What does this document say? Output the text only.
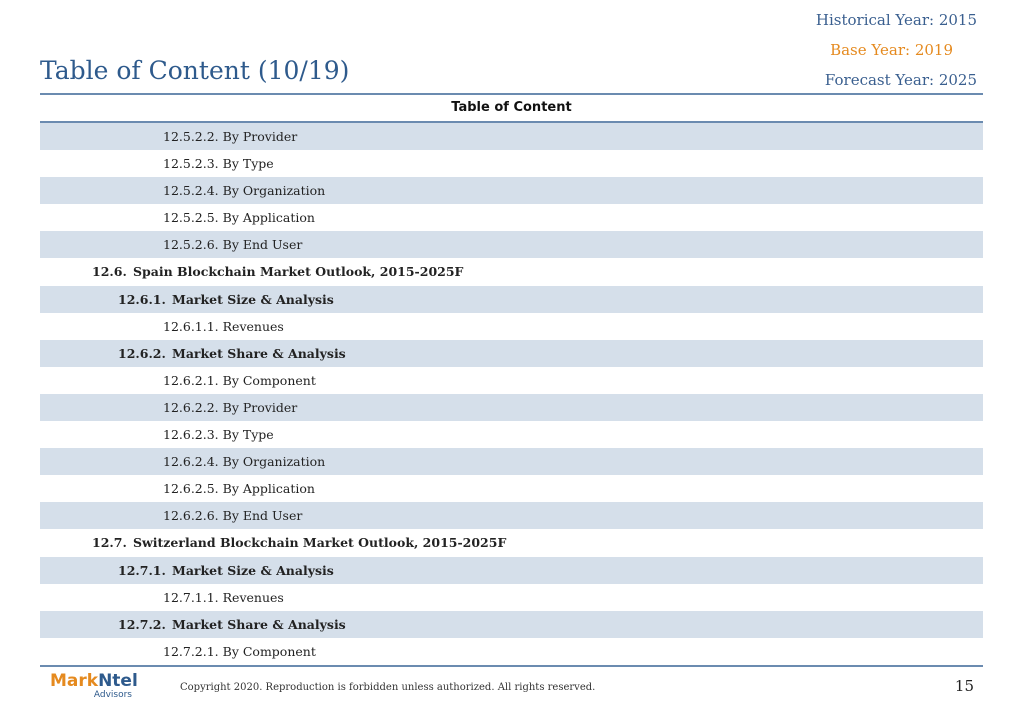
Historical Year: 2015
Base Year: 2019
Forecast Year: 2025
Table of Content (10/19)
Table of Content
12.5.2.2. By Provider
12.5.2.3. By Type
12.5.2.4. By Organization
12.5.2.5. By Application
12.5.2.6. By End User
12.6. Spain Blockchain Market Outlook, 2015-2025F
12.6.1. Market Size & Analysis
12.6.1.1. Revenues
12.6.2. Market Share & Analysis
12.6.2.1. By Component
12.6.2.2. By Provider
12.6.2.3. By Type
12.6.2.4. By Organization
12.6.2.5. By Application
12.6.2.6. By End User
12.7. Switzerland Blockchain Market Outlook, 2015-2025F
12.7.1. Market Size & Analysis
12.7.1.1. Revenues
12.7.2. Market Share & Analysis
12.7.2.1. By Component
MarkNtel
Advisors
Copyright 2020. Reproduction is forbidden unless authorized. All rights reserved.	15
